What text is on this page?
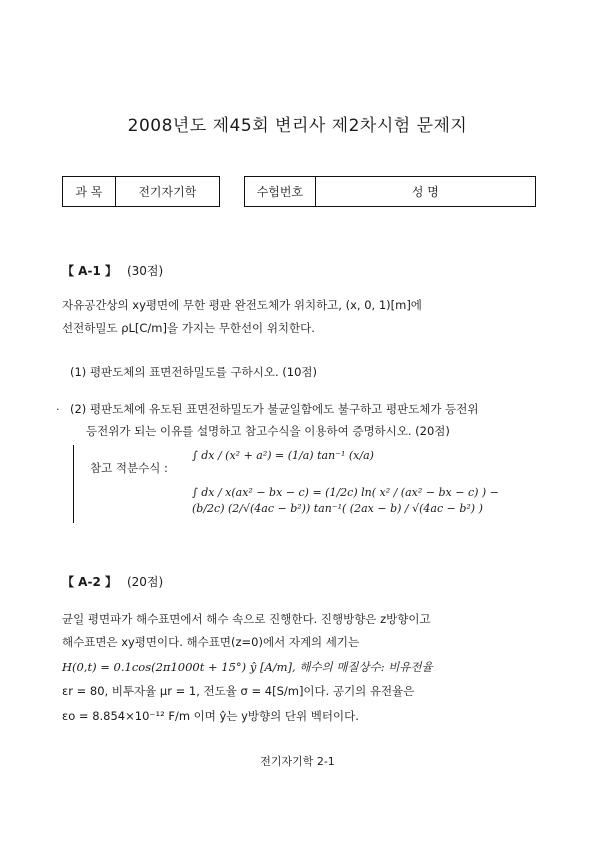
2008년도 제45회 변리사 제2차시험 문제지
과 목	전기자기학	수험번호	성 명
【 A-1 】 (30점)
자유공간상의 xy평면에 무한 평판 완전도체가 위치하고, (x, 0, 1)[m]에
선전하밀도 ρL[C/m]을 가지는 무한선이 위치한다.
(1) 평판도체의 표면전하밀도를 구하시오. (10점)
· (2) 평판도체에 유도된 표면전하밀도가 불균일함에도 불구하고 평판도체가 등전위
등전위가 되는 이유를 설명하고 참고수식을 이용하여 증명하시오. (20점)
참고 적분수식 :
∫ dx / (x² + a²) = (1/a) tan⁻¹ (x/a)
∫ dx / x(ax² − bx − c) = (1/2c) ln( x² / (ax² − bx − c) ) − (b/2c) (2/√(4ac − b²)) tan⁻¹( (2ax − b) / √(4ac − b²) )
【 A-2 】 (20점)
균일 평면파가 해수표면에서 해수 속으로 진행한다. 진행방향은 z방향이고
해수표면은 xy평면이다. 해수표면(z=0)에서 자계의 세기는
H(0,t) = 0.1cos(2π1000t + 15°) ŷ [A/m], 해수의 매질상수: 비유전율
εr = 80, 비투자율 μr = 1, 전도율 σ = 4[S/m]이다. 공기의 유전율은
εo = 8.854×10⁻¹² F/m 이며 ŷ는 y방향의 단위 벡터이다.
전기자기학 2-1
